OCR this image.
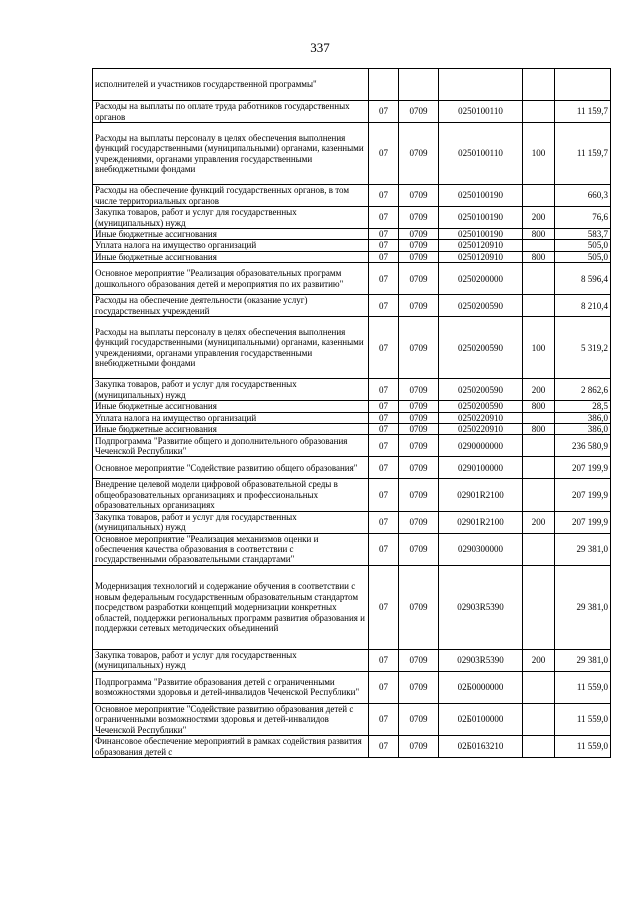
337
исполнителей и участников государственной программы"					
Расходы на выплаты по оплате труда работников государственных органов	07	0709	0250100110		11 159,7
Расходы на выплаты персоналу в целях обеспечения выполнения функций государственными (муниципальными) органами, казенными учреждениями, органами управления государственными внебюджетными фондами	07	0709	0250100110	100	11 159,7
Расходы на обеспечение функций государственных органов, в том числе территориальных органов	07	0709	0250100190		660,3
Закупка товаров, работ и услуг для государственных (муниципальных) нужд	07	0709	0250100190	200	76,6
Иные бюджетные ассигнования	07	0709	0250100190	800	583,7
Уплата налога на имущество организаций	07	0709	0250120910		505,0
Иные бюджетные ассигнования	07	0709	0250120910	800	505,0
Основное мероприятие "Реализация образовательных программ дошкольного образования детей и мероприятия по их развитию"	07	0709	0250200000		8 596,4
Расходы на обеспечение деятельности (оказание услуг) государственных учреждений	07	0709	0250200590		8 210,4
Расходы на выплаты персоналу в целях обеспечения выполнения функций государственными (муниципальными) органами, казенными учреждениями, органами управления государственными внебюджетными фондами	07	0709	0250200590	100	5 319,2
Закупка товаров, работ и услуг для государственных (муниципальных) нужд	07	0709	0250200590	200	2 862,6
Иные бюджетные ассигнования	07	0709	0250200590	800	28,5
Уплата налога на имущество организаций	07	0709	0250220910		386,0
Иные бюджетные ассигнования	07	0709	0250220910	800	386,0
Подпрограмма "Развитие общего и дополнительного образования Чеченской Республики"	07	0709	0290000000		236 580,9
Основное мероприятие "Содействие развитию общего образования"	07	0709	0290100000		207 199,9
Внедрение целевой модели цифровой образовательной среды в общеобразовательных организациях и профессиональных образовательных организациях	07	0709	02901R2100		207 199,9
Закупка товаров, работ и услуг для государственных (муниципальных) нужд	07	0709	02901R2100	200	207 199,9
Основное мероприятие "Реализация механизмов оценки и обеспечения качества образования в соответствии с государственными образовательными стандартами"	07	0709	0290300000		29 381,0
Модернизация технологий и содержание обучения в соответствии с новым федеральным государственным образовательным стандартом посредством разработки концепций модернизации конкретных областей, поддержки региональных программ развития образования и поддержки сетевых методических объединений	07	0709	02903R5390		29 381,0
Закупка товаров, работ и услуг для государственных (муниципальных) нужд	07	0709	02903R5390	200	29 381,0
Подпрограмма "Развитие образования детей с ограниченными возможностями здоровья и детей-инвалидов Чеченской Республики"	07	0709	02Б0000000		11 559,0
Основное мероприятие "Содействие развитию образования детей с ограниченными возможностями здоровья и детей-инвалидов Чеченской Республики"	07	0709	02Б0100000		11 559,0
Финансовое обеспечение мероприятий в рамках содействия развития образования детей с	07	0709	02Б0163210		11 559,0
